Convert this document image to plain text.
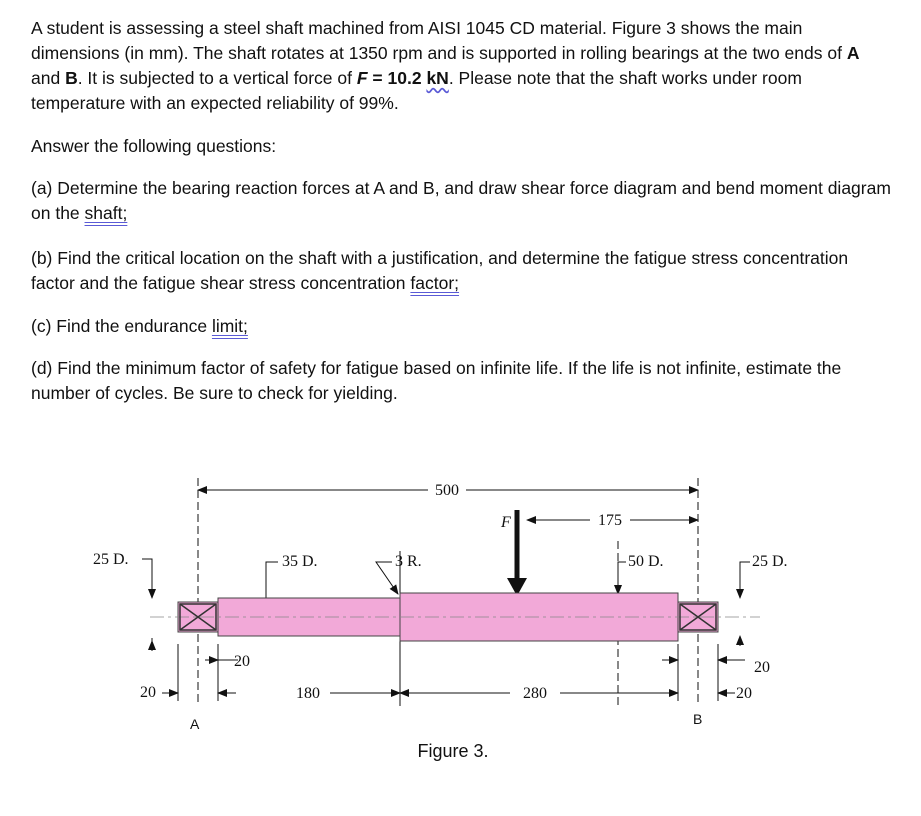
A student is assessing a steel shaft machined from AISI 1045 CD material. Figure 3 shows the main dimensions (in mm). The shaft rotates at 1350 rpm and is supported in rolling bearings at the two ends of A and B. It is subjected to a vertical force of F = 10.2 kN. Please note that the shaft works under room temperature with an expected reliability of 99%.

Answer the following questions:

(a) Determine the bearing reaction forces at A and B, and draw shear force diagram and bend moment diagram on the shaft;

(b) Find the critical location on the shaft with a justification, and determine the fatigue stress concentration factor and the fatigue shear stress concentration factor;

(c) Find the endurance limit;

(d) Find the minimum factor of safety for fatigue based on infinite life. If the life is not infinite, estimate the number of cycles. Be sure to check for yielding.

500
F	175
25 D.	35 D.	3 R.	50 D.	25 D.
20
20	180	280
20
20
A	B
Figure 3.
